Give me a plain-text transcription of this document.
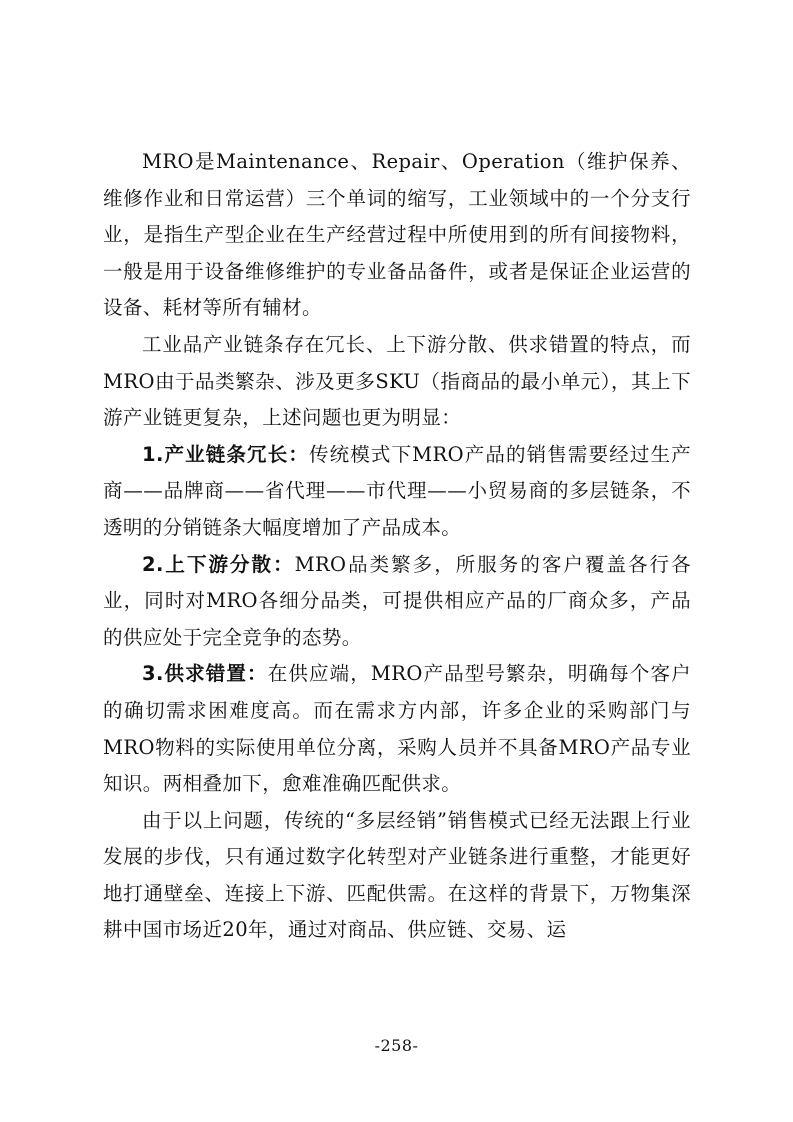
MRO是Maintenance、Repair、Operation（维护保养、维修作业和日常运营）三个单词的缩写，工业领域中的一个分支行业，是指生产型企业在生产经营过程中所使用到的所有间接物料，一般是用于设备维修维护的专业备品备件，或者是保证企业运营的设备、耗材等所有辅材。

工业品产业链条存在冗长、上下游分散、供求错置的特点，而MRO由于品类繁杂、涉及更多SKU（指商品的最小单元），其上下游产业链更复杂，上述问题也更为明显：

1.产业链条冗长：传统模式下MRO产品的销售需要经过生产商——品牌商——省代理——市代理——小贸易商的多层链条，不透明的分销链条大幅度增加了产品成本。

2.上下游分散：MRO品类繁多，所服务的客户覆盖各行各业，同时对MRO各细分品类，可提供相应产品的厂商众多，产品的供应处于完全竞争的态势。

3.供求错置：在供应端，MRO产品型号繁杂，明确每个客户的确切需求困难度高。而在需求方内部，许多企业的采购部门与MRO物料的实际使用单位分离，采购人员并不具备MRO产品专业知识。两相叠加下，愈难准确匹配供求。

由于以上问题，传统的“多层经销”销售模式已经无法跟上行业发展的步伐，只有通过数字化转型对产业链条进行重整，才能更好地打通壁垒、连接上下游、匹配供需。在这样的背景下，万物集深耕中国市场近20年，通过对商品、供应链、交易、运

-258-
